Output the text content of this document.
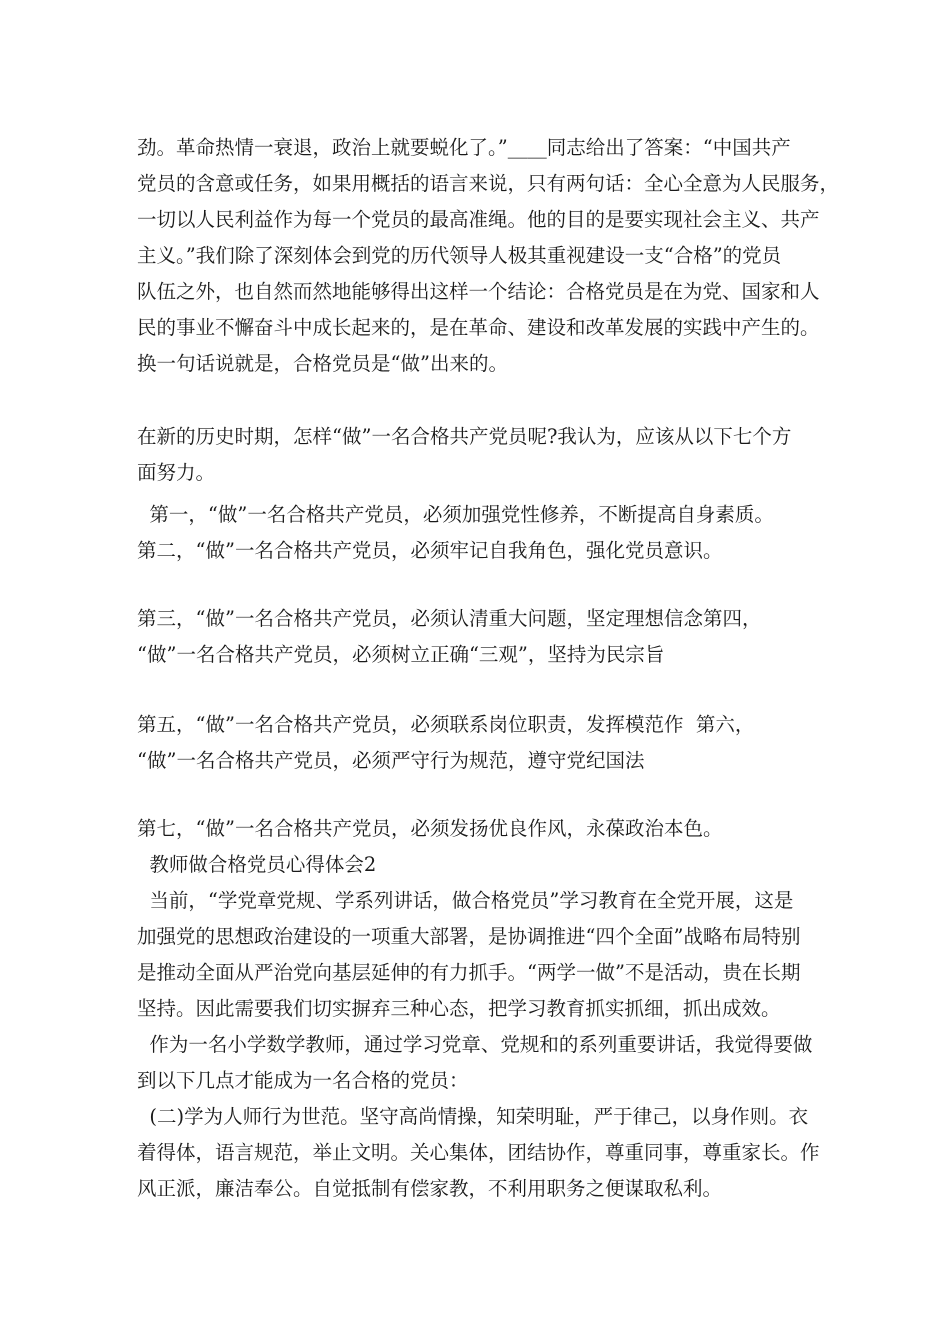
劲。革命热情一衰退，政治上就要蜕化了。”____同志给出了答案：“中国共产
党员的含意或任务，如果用概括的语言来说，只有两句话：全心全意为人民服务，
一切以人民利益作为每一个党员的最高准绳。他的目的是要实现社会主义、共产
主义。”我们除了深刻体会到党的历代领导人极其重视建设一支“合格”的党员
队伍之外，也自然而然地能够得出这样一个结论：合格党员是在为党、国家和人
民的事业不懈奋斗中成长起来的，是在革命、建设和改革发展的实践中产生的。
换一句话说就是，合格党员是“做”出来的。
在新的历史时期，怎样“做”一名合格共产党员呢?我认为，应该从以下七个方
面努力。
第一，“做”一名合格共产党员，必须加强党性修养，不断提高自身素质。
第二，“做”一名合格共产党员，必须牢记自我角色，强化党员意识。
第三，“做”一名合格共产党员，必须认清重大问题，坚定理想信念第四，
“做”一名合格共产党员，必须树立正确“三观”，坚持为民宗旨
第五，“做”一名合格共产党员，必须联系岗位职责，发挥模范作  第六，
“做”一名合格共产党员，必须严守行为规范，遵守党纪国法
第七，“做”一名合格共产党员，必须发扬优良作风，永葆政治本色。
教师做合格党员心得体会2
当前，“学党章党规、学系列讲话，做合格党员”学习教育在全党开展，这是
加强党的思想政治建设的一项重大部署，是协调推进“四个全面”战略布局特别
是推动全面从严治党向基层延伸的有力抓手。“两学一做”不是活动，贵在长期
坚持。因此需要我们切实摒弃三种心态，把学习教育抓实抓细，抓出成效。
作为一名小学数学教师，通过学习党章、党规和的系列重要讲话，我觉得要做
到以下几点才能成为一名合格的党员：
(二)学为人师行为世范。坚守高尚情操，知荣明耻，严于律己，以身作则。衣
着得体，语言规范，举止文明。关心集体，团结协作，尊重同事，尊重家长。作
风正派，廉洁奉公。自觉抵制有偿家教，不利用职务之便谋取私利。
